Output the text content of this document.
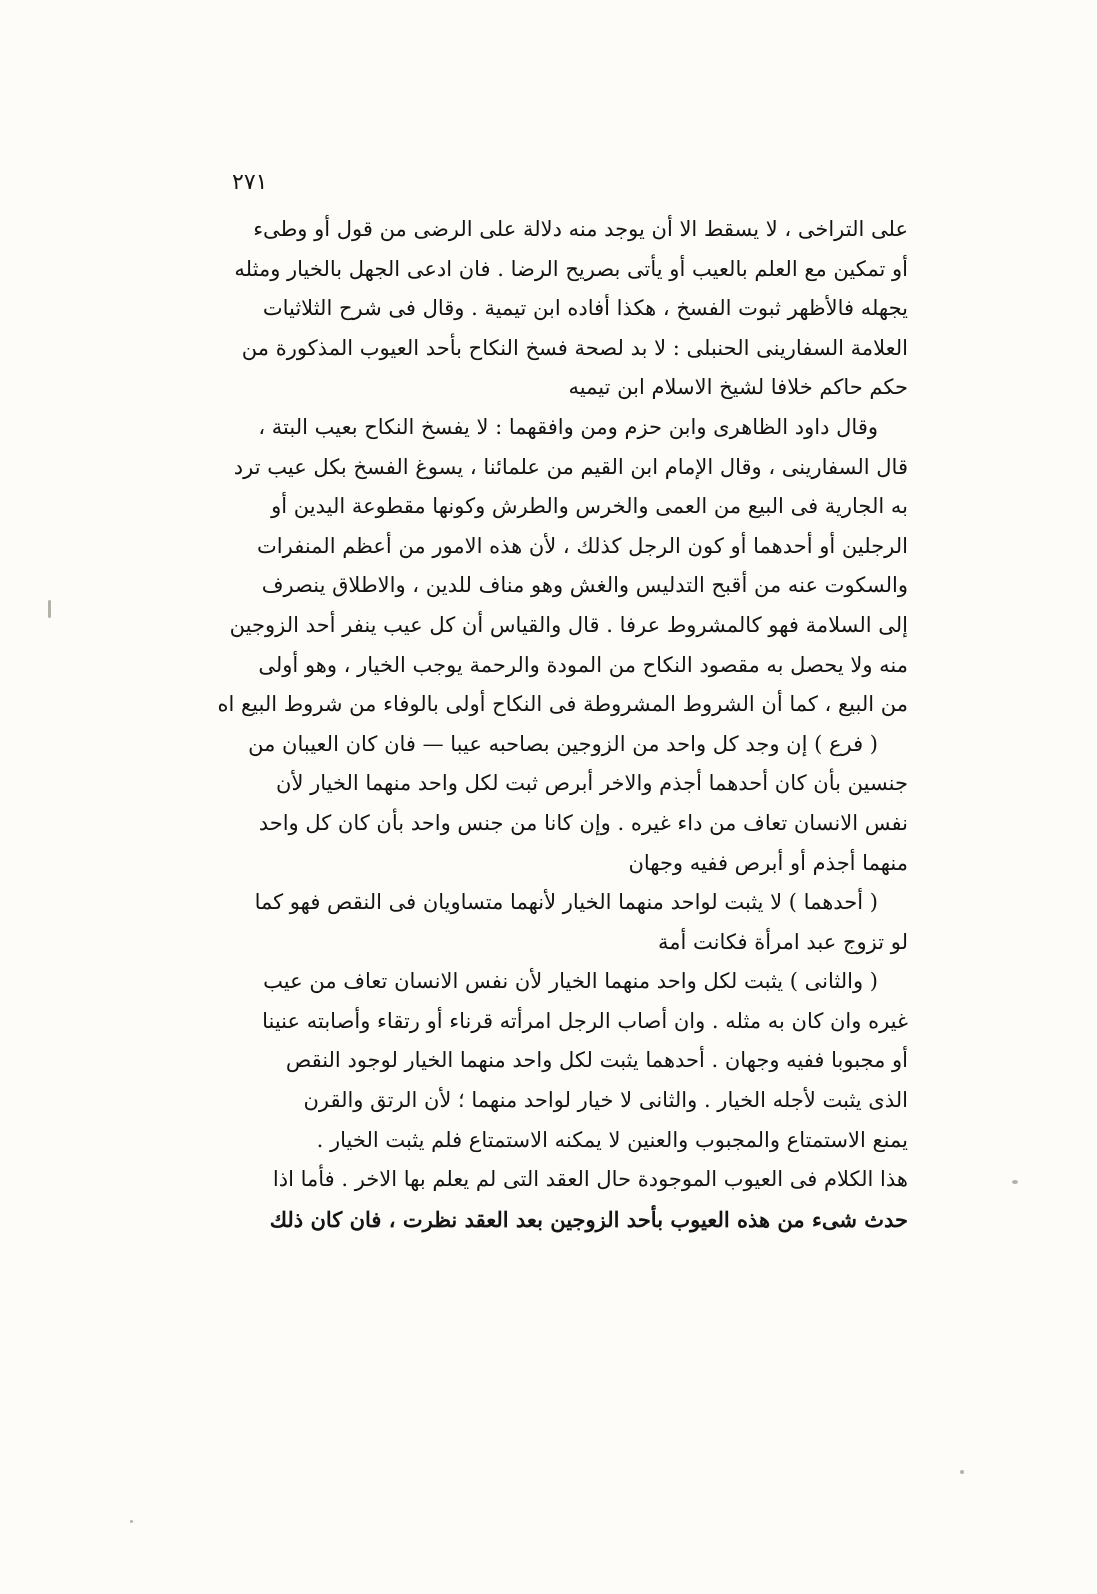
٢٧١
على التراخى ، لا يسقط الا أن يوجد منه دلالة على الرضى من قول أو وطىء
أو تمكين مع العلم بالعيب أو يأتى بصريح الرضا . فان ادعى الجهل بالخيار ومثله
يجهله فالأظهر ثبوت الفسخ ، هكذا أفاده ابن تيمية . وقال فى شرح الثلاثيات
العلامة السفارينى الحنبلى : لا بد لصحة فسخ النكاح بأحد العيوب المذكورة من
حكم حاكم خلافا لشيخ الاسلام ابن تيميه
وقال داود الظاهرى وابن حزم ومن وافقهما : لا يفسخ النكاح بعيب البتة ،
قال السفارينى ، وقال الإمام ابن القيم من علمائنا ، يسوغ الفسخ بكل عيب ترد
به الجارية فى البيع من العمى والخرس والطرش وكونها مقطوعة اليدين أو
الرجلين أو أحدهما أو كون الرجل كذلك ، لأن هذه الامور من أعظم المنفرات
والسكوت عنه من أقبح التدليس والغش وهو مناف للدين ، والاطلاق ينصرف
إلى السلامة فهو كالمشروط عرفا . قال والقياس أن كل عيب ينفر أحد الزوجين
منه ولا يحصل به مقصود النكاح من المودة والرحمة يوجب الخيار ، وهو أولى
من البيع ، كما أن الشروط المشروطة فى النكاح أولى بالوفاء من شروط البيع اه
( فرع ) إن وجد كل واحد من الزوجين بصاحبه عيبا — فان كان العيبان من
جنسين بأن كان أحدهما أجذم والاخر أبرص ثبت لكل واحد منهما الخيار لأن
نفس الانسان تعاف من داء غيره . وإن كانا من جنس واحد بأن كان كل واحد
منهما أجذم أو أبرص ففيه وجهان
( أحدهما ) لا يثبت لواحد منهما الخيار لأنهما متساويان فى النقص فهو كما
لو تزوج عبد امرأة فكانت أمة
( والثانى ) يثبت لكل واحد منهما الخيار لأن نفس الانسان تعاف من عيب
غيره وان كان به مثله . وان أصاب الرجل امرأته قرناء أو رتقاء وأصابته عنينا
أو مجبوبا ففيه وجهان . أحدهما يثبت لكل واحد منهما الخيار لوجود النقص
الذى يثبت لأجله الخيار . والثانى لا خيار لواحد منهما ؛ لأن الرتق والقرن
يمنع الاستمتاع والمجبوب والعنين لا يمكنه الاستمتاع فلم يثبت الخيار .
هذا الكلام فى العيوب الموجودة حال العقد التى لم يعلم بها الاخر . فأما اذا
حدث شىء من هذه العيوب بأحد الزوجين بعد العقد نظرت ، فان كان ذلك
